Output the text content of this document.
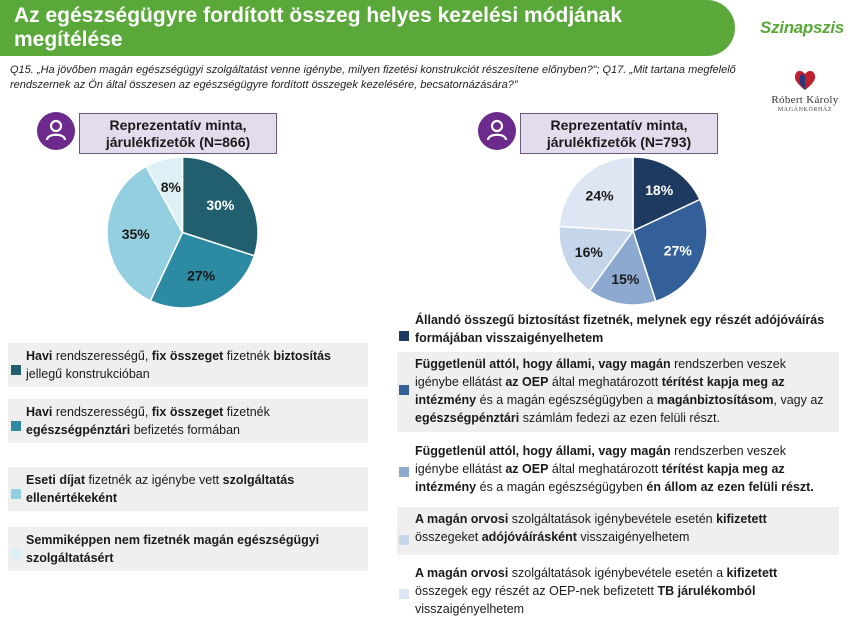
Az egészségügyre fordított összeg helyes kezelési módjának megítélése
Szinapszis
Q15. „Ha jövőben magán egészségügyi szolgáltatást venne igénybe, milyen fizetési konstrukciót részesítene előnyben?”; Q17. „Mit tartana megfelelő rendszernek az Ön által összesen az egészségügyre fordított összegek kezelésére, becsatornázására?”
Róbert Károly
MAGÁNKÓRHÁZ
Reprezentatív minta,
járulékfizetők (N=866)
30%
27%
35%
8%
Havi rendszerességű, fix összeget fizetnék biztosítás jellegű konstrukcióban
Havi rendszerességű, fix összeget fizetnék egészségpénztári befizetés formában
Eseti díjat fizetnék az igénybe vett szolgáltatás ellenértékeként
Semmiképpen nem fizetnék magán egészségügyi szolgáltatásért
Reprezentatív minta,
járulékfizetők (N=793)
18%
27%
15%
16%
24%
Állandó összegű biztosítást fizetnék, melynek egy részét adójóváírás formájában visszaigényelhetem
Függetlenül attól, hogy állami, vagy magán rendszerben veszek igénybe ellátást az OEP által meghatározott térítést kapja meg az intézmény és a magán egészségügyben a magánbiztosításom, vagy az egészségpénztári számlám fedezi az ezen felüli részt.
Függetlenül attól, hogy állami, vagy magán rendszerben veszek igénybe ellátást az OEP által meghatározott térítést kapja meg az intézmény és a magán egészségügyben én állom az ezen felüli részt.
A magán orvosi szolgáltatások igénybevétele esetén kifizetett összegeket adójóváírásként visszaigényelhetem
A magán orvosi szolgáltatások igénybevétele esetén a kifizetett összegek egy részét az OEP-nek befizetett TB járulékomból visszaigényelhetem
